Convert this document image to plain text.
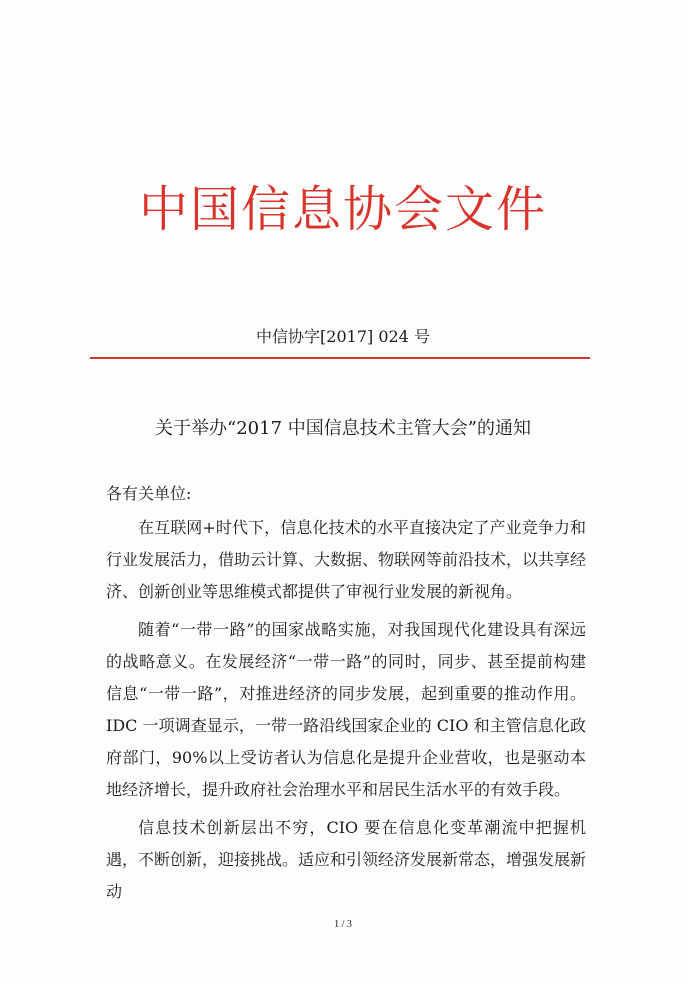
中国信息协会文件
中信协字[2017] 024 号
关于举办“2017 中国信息技术主管大会”的通知
各有关单位:

在互联网+时代下，信息化技术的水平直接决定了产业竞争力和行业发展活力，借助云计算、大数据、物联网等前沿技术，以共享经济、创新创业等思维模式都提供了审视行业发展的新视角。

随着“一带一路”的国家战略实施，对我国现代化建设具有深远的战略意义。在发展经济“一带一路”的同时，同步、甚至提前构建信息“一带一路”，对推进经济的同步发展，起到重要的推动作用。IDC 一项调查显示，一带一路沿线国家企业的 CIO 和主管信息化政府部门，90%以上受访者认为信息化是提升企业营收，也是驱动本地经济增长，提升政府社会治理水平和居民生活水平的有效手段。

信息技术创新层出不穷，CIO 要在信息化变革潮流中把握机遇，不断创新，迎接挑战。适应和引领经济发展新常态，增强发展新动

1 / 3
